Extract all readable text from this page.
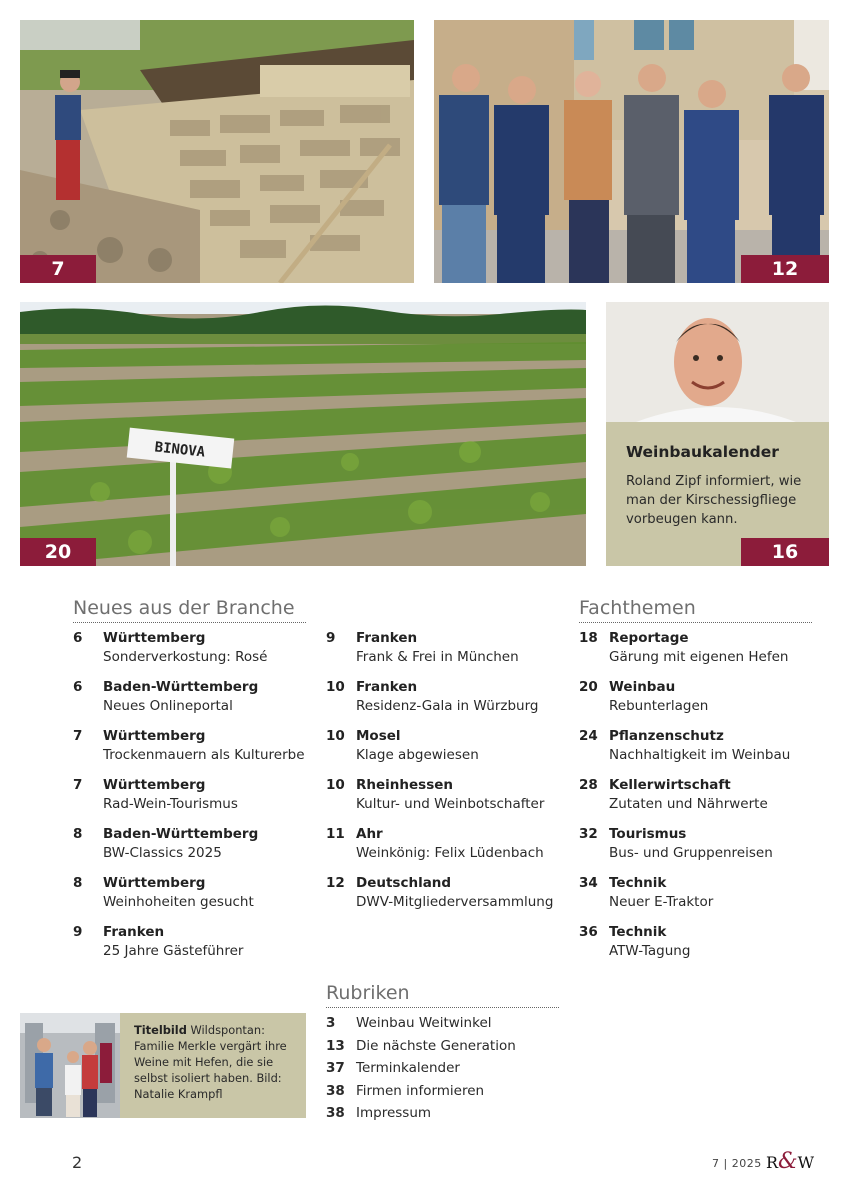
7	12
BINOVA
20
Weinbaukalender
Roland Zipf informiert, wie man der Kirschessigfliege vorbeugen kann.
16
Neues aus der Branche	Fachthemen
Rubriken
6 Württemberg
Sonderverkostung: Rosé
6 Baden-Württemberg
Neues Onlineportal
7 Württemberg
Trockenmauern als Kulturerbe
7 Württemberg
Rad-Wein-Tourismus
8 Baden-Württemberg
BW-Classics 2025
8 Württemberg
Weinhoheiten gesucht
9 Franken
25 Jahre Gästeführer
9 Franken
Frank & Frei in München
10 Franken
Residenz-Gala in Würzburg
10 Mosel
Klage abgewiesen
10 Rheinhessen
Kultur- und Weinbotschafter
11 Ahr
Weinkönig: Felix Lüdenbach
12 Deutschland
DWV-Mitgliederversammlung
18 Reportage
Gärung mit eigenen Hefen
20 Weinbau
Rebunterlagen
24 Pflanzenschutz
Nachhaltigkeit im Weinbau
28 Kellerwirtschaft
Zutaten und Nährwerte
32 Tourismus
Bus- und Gruppenreisen
34 Technik
Neuer E-Traktor
36 Technik
ATW-Tagung
3 Weinbau Weitwinkel
13 Die nächste Generation
37 Terminkalender
38 Firmen informieren
38 Impressum
Titelbild Wildspontan: Familie Merkle vergärt ihre Weine mit Hefen, die sie selbst isoliert haben. Bild: Natalie Krampfl
2	7 | 2025 R&W
